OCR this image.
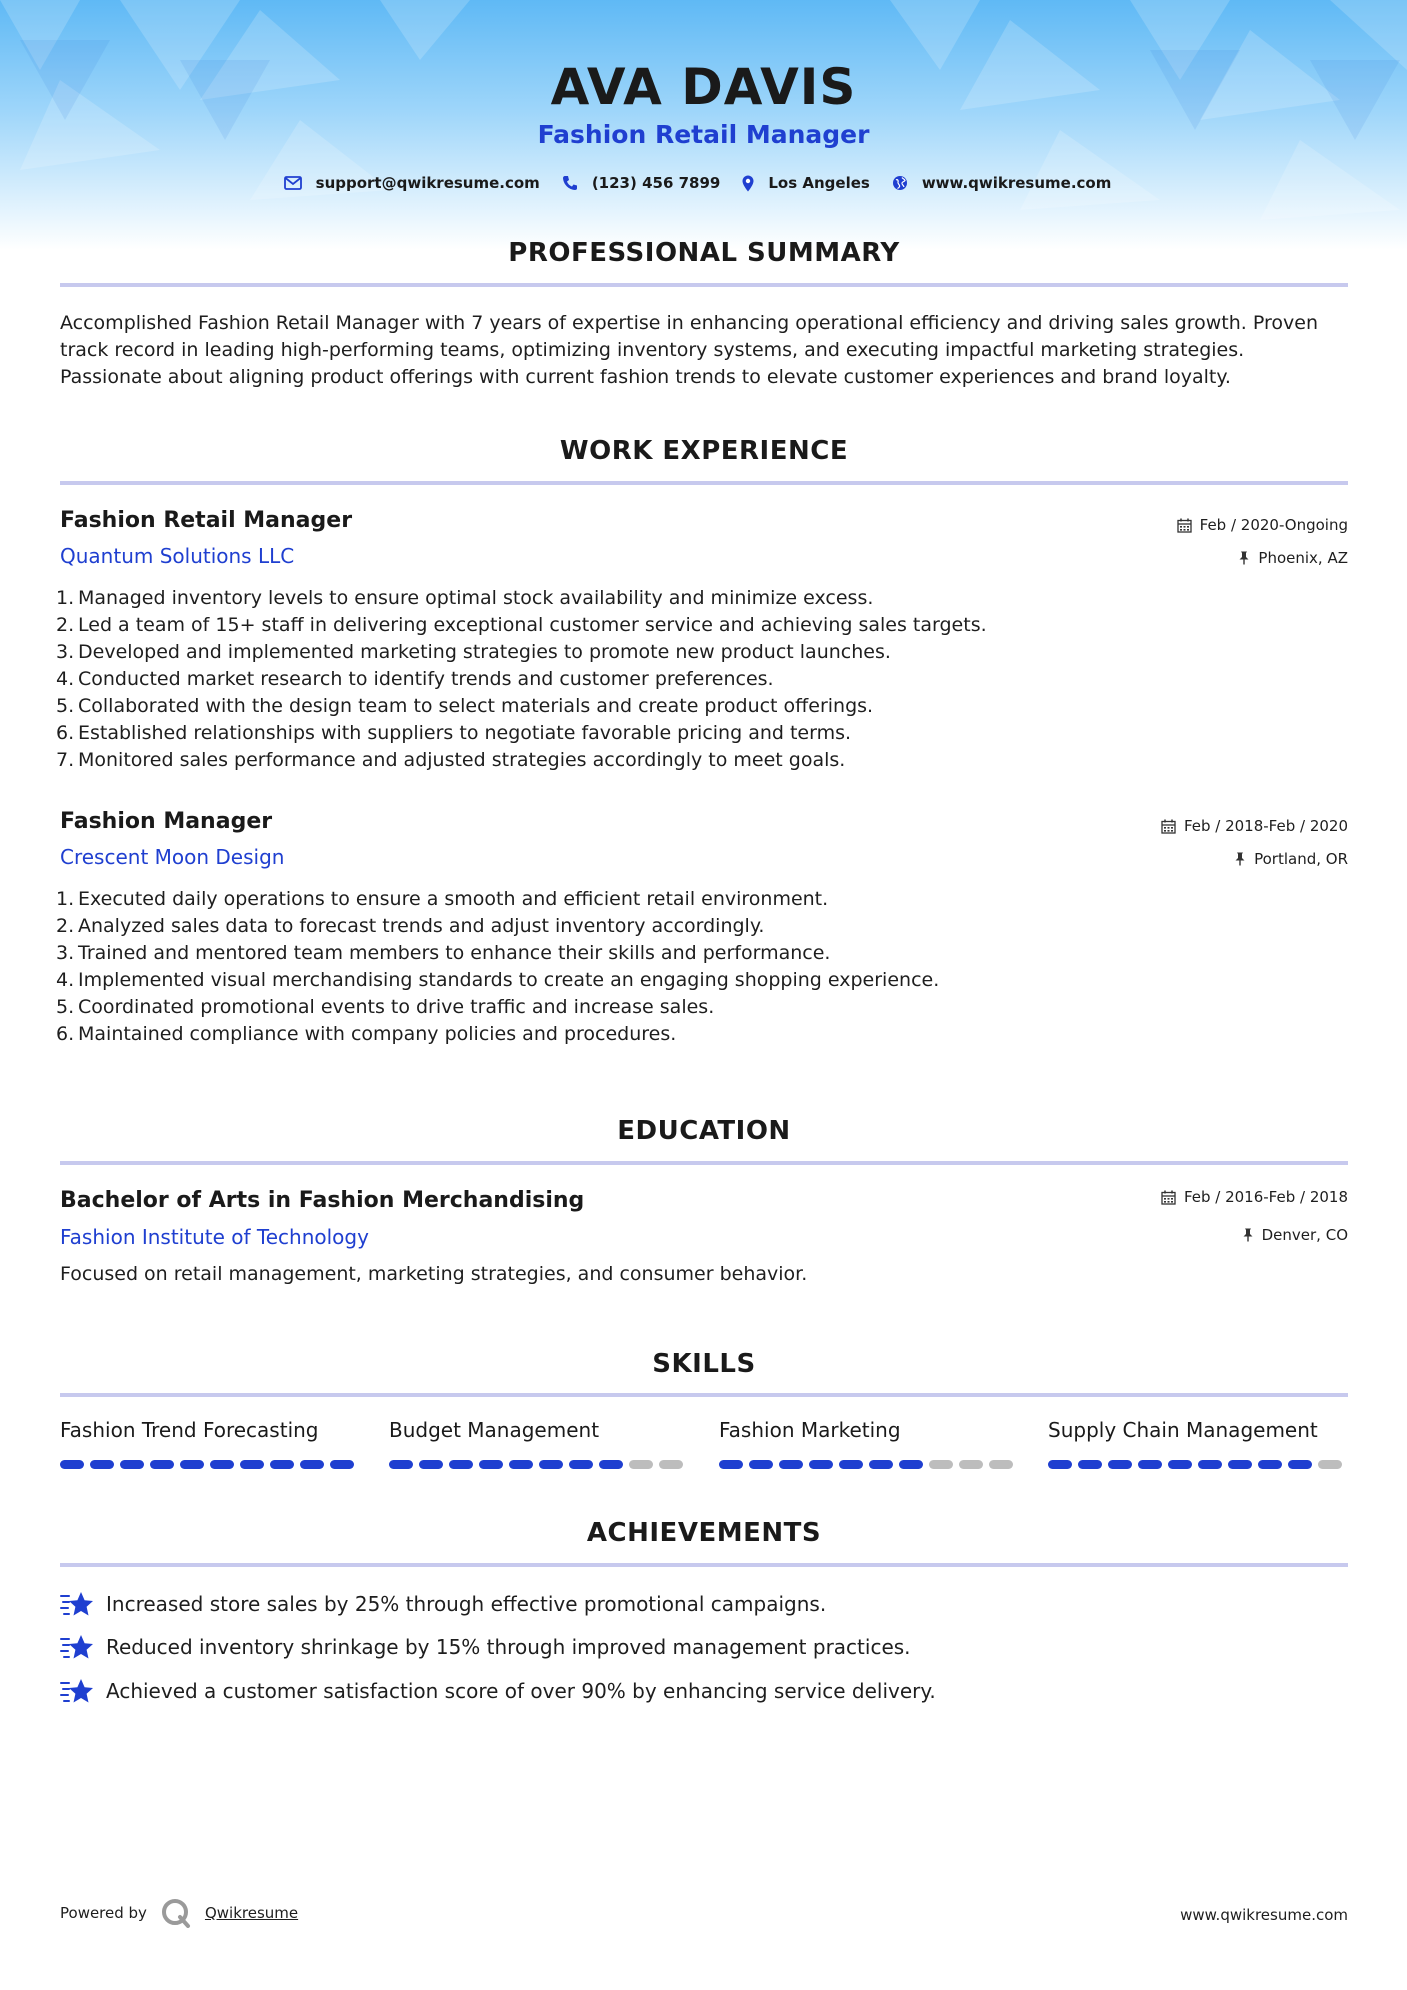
AVA DAVIS
Fashion Retail Manager
support@qwikresume.com	(123) 456 7899	Los Angeles	www.qwikresume.com
PROFESSIONAL SUMMARY
Accomplished Fashion Retail Manager with 7 years of expertise in enhancing operational efficiency and driving sales growth. Proven track record in leading high-performing teams, optimizing inventory systems, and executing impactful marketing strategies. Passionate about aligning product offerings with current fashion trends to elevate customer experiences and brand loyalty.
WORK EXPERIENCE
Fashion Retail Manager
Quantum Solutions LLC
Feb / 2020-Ongoing
Phoenix, AZ
1. Managed inventory levels to ensure optimal stock availability and minimize excess.
2. Led a team of 15+ staff in delivering exceptional customer service and achieving sales targets.
3. Developed and implemented marketing strategies to promote new product launches.
4. Conducted market research to identify trends and customer preferences.
5. Collaborated with the design team to select materials and create product offerings.
6. Established relationships with suppliers to negotiate favorable pricing and terms.
7. Monitored sales performance and adjusted strategies accordingly to meet goals.
Fashion Manager
Crescent Moon Design
Feb / 2018-Feb / 2020
Portland, OR
1. Executed daily operations to ensure a smooth and efficient retail environment.
2. Analyzed sales data to forecast trends and adjust inventory accordingly.
3. Trained and mentored team members to enhance their skills and performance.
4. Implemented visual merchandising standards to create an engaging shopping experience.
5. Coordinated promotional events to drive traffic and increase sales.
6. Maintained compliance with company policies and procedures.
EDUCATION
Bachelor of Arts in Fashion Merchandising
Fashion Institute of Technology
Feb / 2016-Feb / 2018
Denver, CO
Focused on retail management, marketing strategies, and consumer behavior.
SKILLS
Fashion Trend Forecasting	Budget Management	Fashion Marketing	Supply Chain Management
ACHIEVEMENTS
Increased store sales by 25% through effective promotional campaigns.
Reduced inventory shrinkage by 15% through improved management practices.
Achieved a customer satisfaction score of over 90% by enhancing service delivery.
Powered by	Qwikresume	www.qwikresume.com
